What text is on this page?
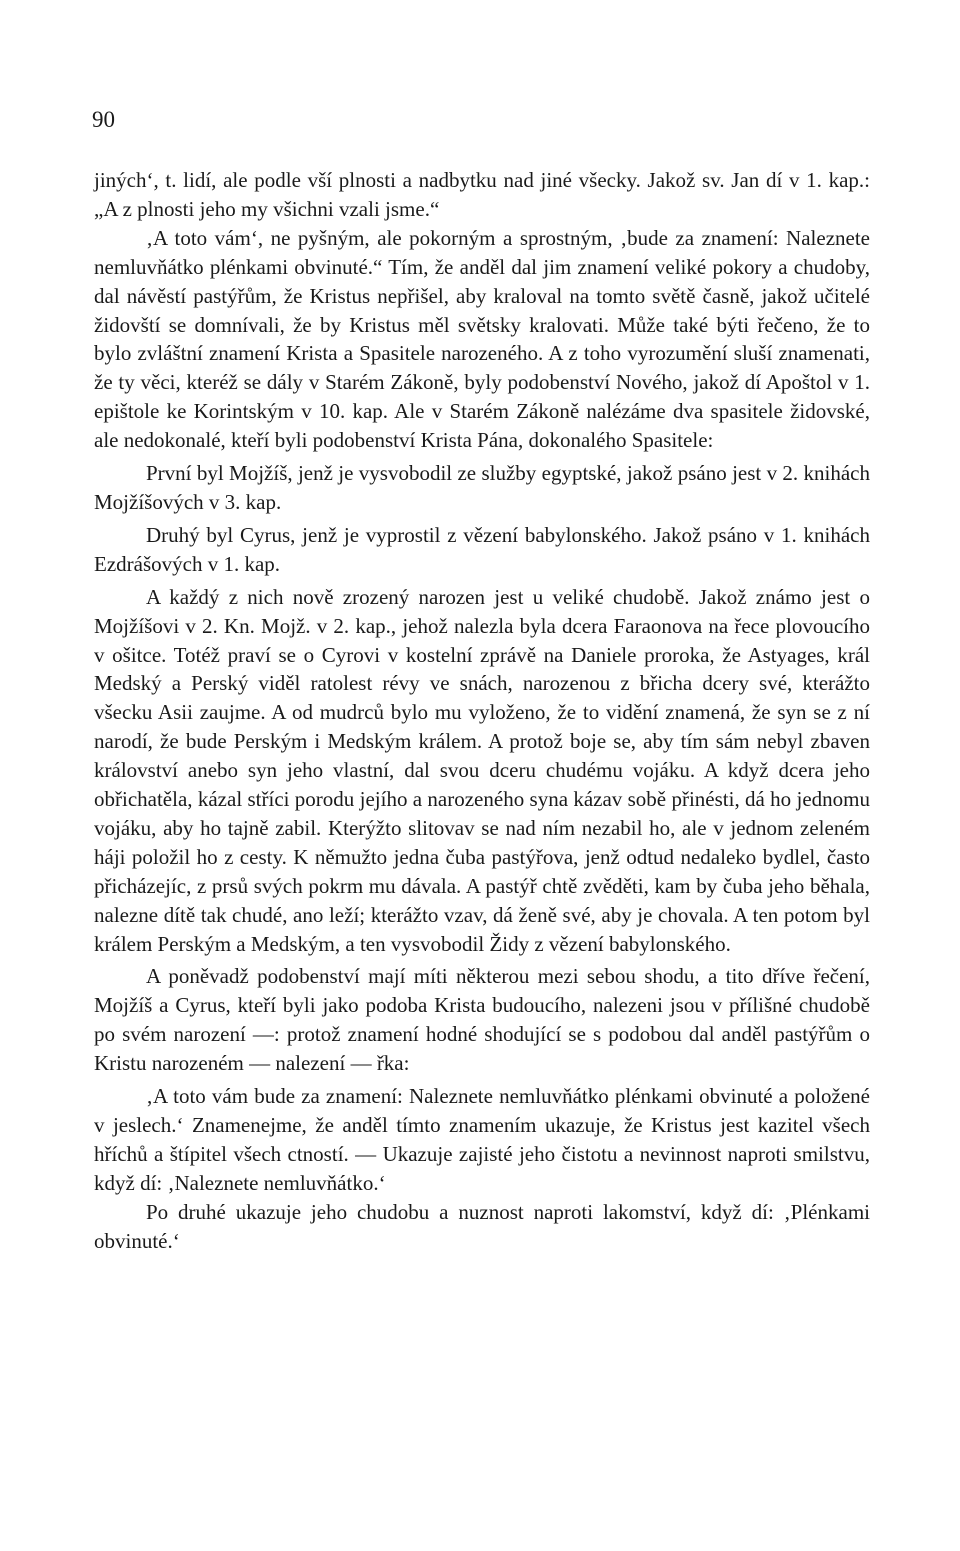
90

jiných‘, t. lidí, ale podle vší plnosti a nadbytku nad jiné všecky. Jakož sv. Jan dí v 1. kap.: „A z plnosti jeho my všichni vzali jsme.“

‚A toto vám‘, ne pyšným, ale pokorným a sprostným, ‚bude za znamení: Naleznete nemluvňátko plénkami obvinuté.“ Tím, že anděl dal jim znamení veliké pokory a chudoby, dal návěstí pastýřům, že Kristus nepřišel, aby kraloval na tomto světě časně, jakož učitelé židovští se domnívali, že by Kristus měl světsky kralovati. Může také býti řečeno, že to bylo zvláštní znamení Krista a Spasitele narozeného. A z toho vyrozumění sluší znamenati, že ty věci, kteréž se dály v Starém Zákoně, byly podobenství Nového, jakož dí Apoštol v 1. epištole ke Korintským v 10. kap. Ale v Starém Zákoně nalézáme dva spasitele židovské, ale nedokonalé, kteří byli podobenství Krista Pána, dokonalého Spasitele:

První byl Mojžíš, jenž je vysvobodil ze služby egyptské, jakož psáno jest v 2. knihách Mojžíšových v 3. kap.

Druhý byl Cyrus, jenž je vyprostil z vězení babylonského. Jakož psáno v 1. knihách Ezdrášových v 1. kap.

A každý z nich nově zrozený narozen jest u veliké chudobě. Jakož známo jest o Mojžíšovi v 2. Kn. Mojž. v 2. kap., jehož nalezla byla dcera Faraonova na řece plovoucího v ošitce. Totéž praví se o Cyrovi v kostelní zprávě na Daniele proroka, že Astyages, král Medský a Perský viděl ratolest révy ve snách, narozenou z břicha dcery své, kterážto všecku Asii zaujme. A od mudrců bylo mu vyloženo, že to vidění znamená, že syn se z ní narodí, že bude Perským i Medským králem. A protož boje se, aby tím sám nebyl zbaven království anebo syn jeho vlastní, dal svou dceru chudému vojáku. A když dcera jeho obřichatěla, kázal stříci porodu jejího a narozeného syna kázav sobě přinésti, dá ho jednomu vojáku, aby ho tajně zabil. Kterýžto slitovav se nad ním nezabil ho, ale v jednom zeleném háji položil ho z cesty. K němužto jedna čuba pastýřova, jenž odtud nedaleko bydlel, často přicházejíc, z prsů svých pokrm mu dávala. A pastýř chtě zvěděti, kam by čuba jeho běhala, nalezne dítě tak chudé, ano leží; kterážto vzav, dá ženě své, aby je chovala. A ten potom byl králem Perským a Medským, a ten vysvobodil Židy z vězení babylonského.

A poněvadž podobenství mají míti některou mezi sebou shodu, a tito dříve řečení, Mojžíš a Cyrus, kteří byli jako podoba Krista budoucího, nalezeni jsou v přílišné chudobě po svém narození —: protož znamení hodné shodující se s podobou dal anděl pastýřům o Kristu narozeném — nalezení — řka:

‚A toto vám bude za znamení: Naleznete nemluvňátko plénkami obvinuté a položené v jeslech.‘ Znamenejme, že anděl tímto znamením ukazuje, že Kristus jest kazitel všech hříchů a štípitel všech ctností. — Ukazuje zajisté jeho čistotu a nevinnost naproti smilstvu, když dí: ‚Naleznete nemluvňátko.‘

Po druhé ukazuje jeho chudobu a nuznost naproti lakomství, když dí: ‚Plénkami obvinuté.‘
